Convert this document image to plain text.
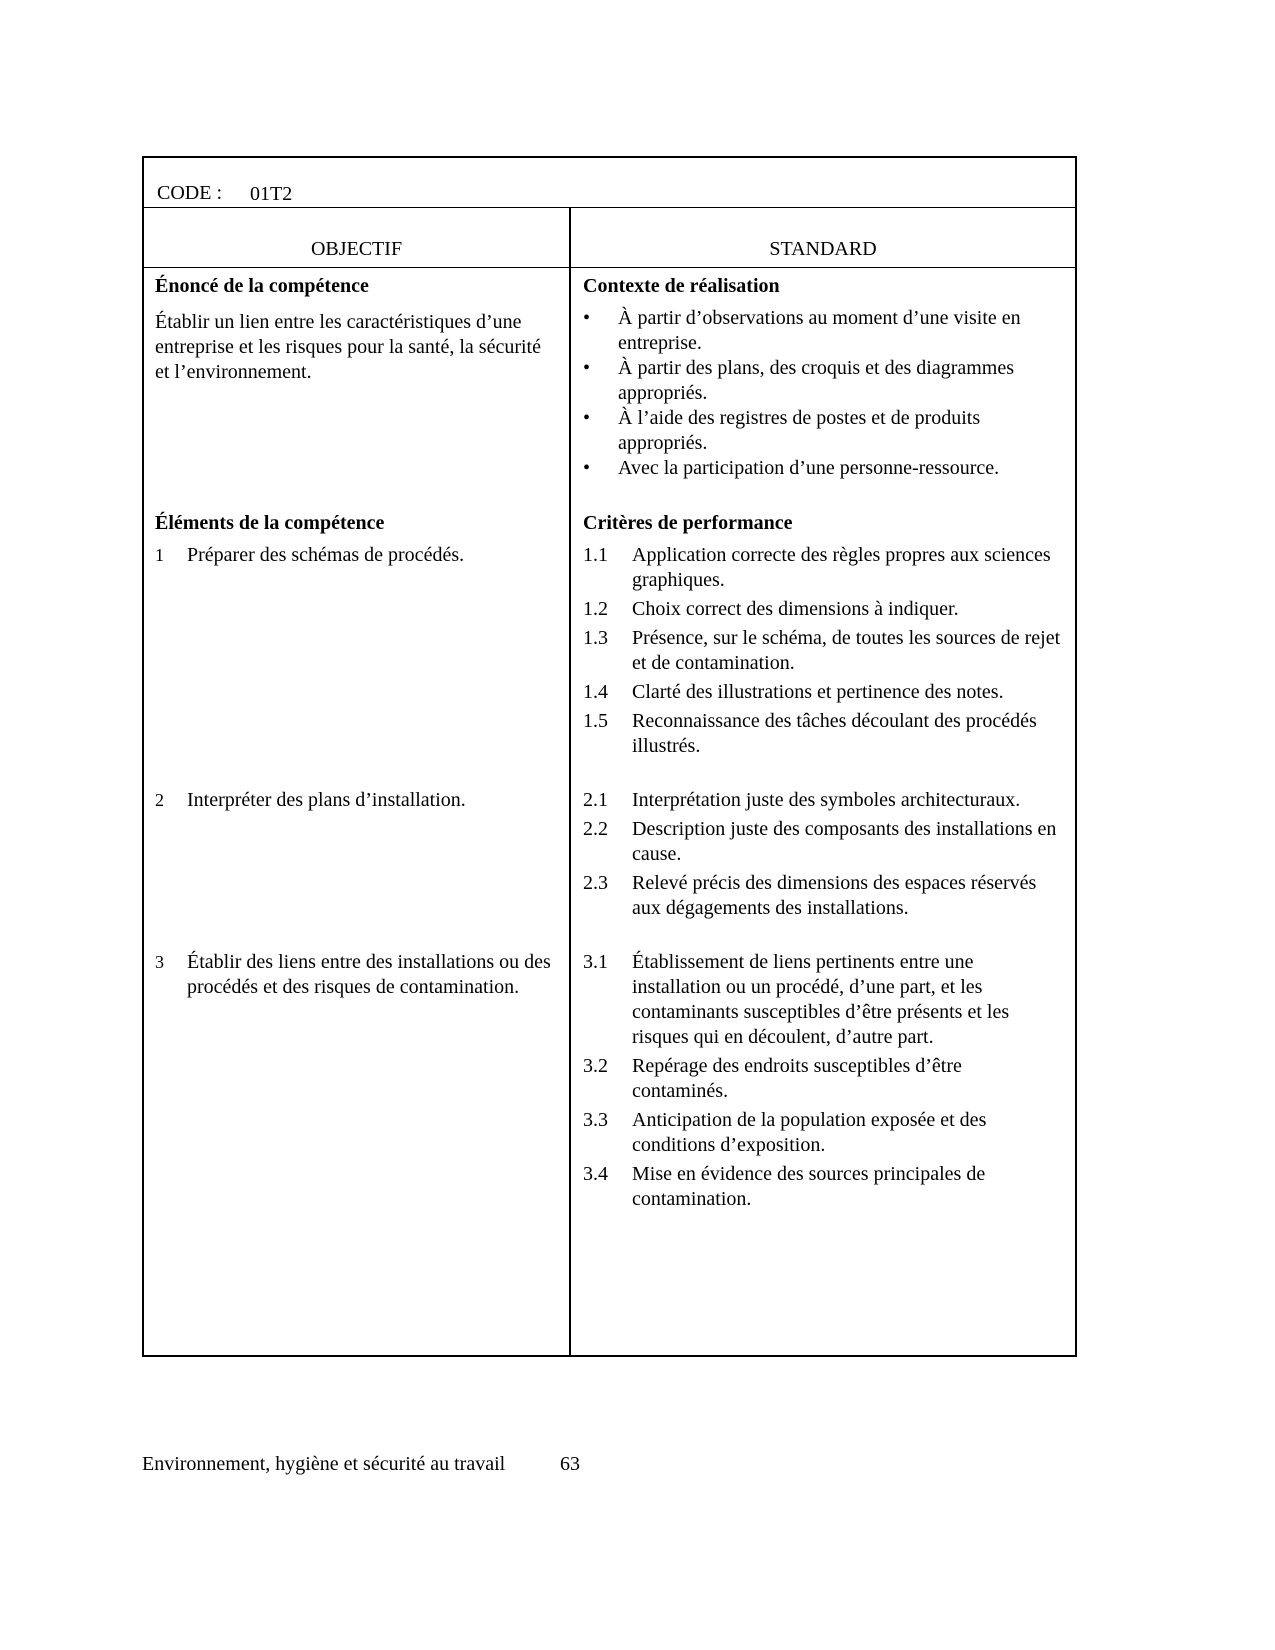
CODE : 01T2
OBJECTIF	STANDARD
Énoncé de la compétence
Établir un lien entre les caractéristiques d’une entreprise et les risques pour la santé, la sécurité et l’environnement.
Contexte de réalisation
• À partir d’observations au moment d’une visite en entreprise.
• À partir des plans, des croquis et des diagrammes appropriés.
• À l’aide des registres de postes et de produits appropriés.
• Avec la participation d’une personne-ressource.
Éléments de la compétence
1 Préparer des schémas de procédés.
2 Interpréter des plans d’installation.
3 Établir des liens entre des installations ou des procédés et des risques de contamination.
Critères de performance
1.1 Application correcte des règles propres aux sciences graphiques.
1.2 Choix correct des dimensions à indiquer.
1.3 Présence, sur le schéma, de toutes les sources de rejet et de contamination.
1.4 Clarté des illustrations et pertinence des notes.
1.5 Reconnaissance des tâches découlant des procédés illustrés.
2.1 Interprétation juste des symboles architecturaux.
2.2 Description juste des composants des installations en cause.
2.3 Relevé précis des dimensions des espaces réservés aux dégagements des installations.
3.1 Établissement de liens pertinents entre une installation ou un procédé, d’une part, et les contaminants susceptibles d’être présents et les risques qui en découlent, d’autre part.
3.2 Repérage des endroits susceptibles d’être contaminés.
3.3 Anticipation de la population exposée et des conditions d’exposition.
3.4 Mise en évidence des sources principales de contamination.
Environnement, hygiène et sécurité au travail	63
